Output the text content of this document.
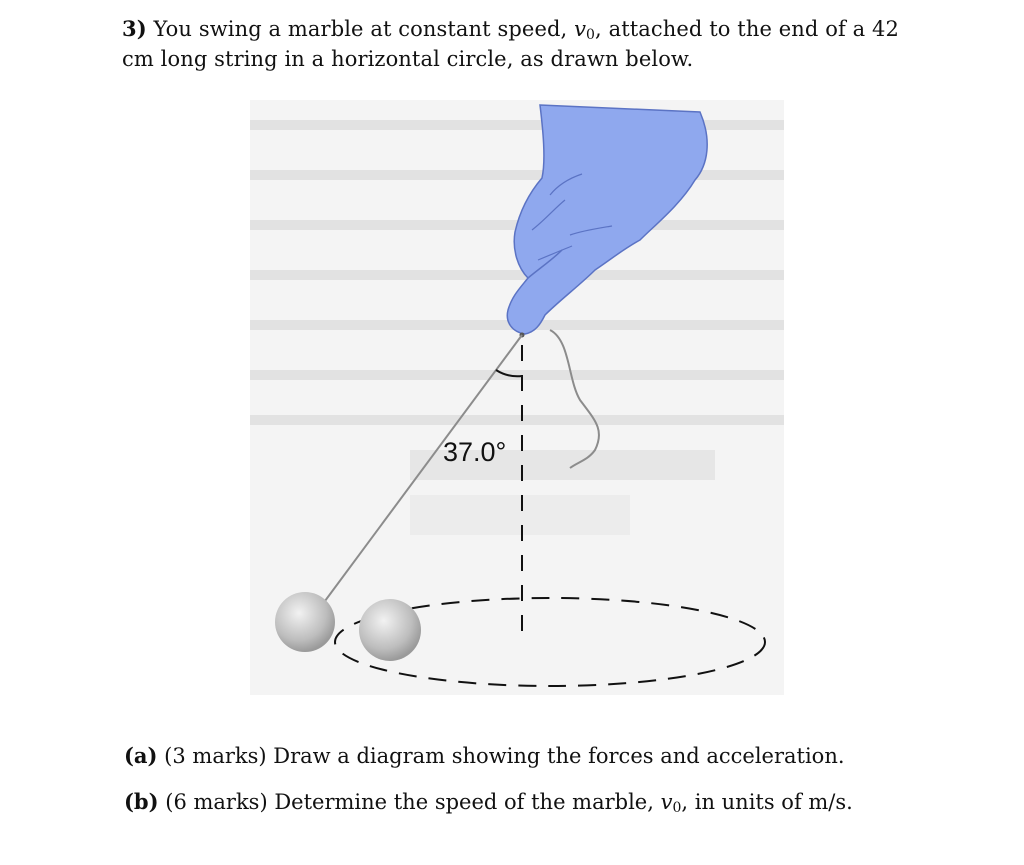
3) You swing a marble at constant speed, $v_0$, attached to the end of a 42
cm long string in a horizontal circle, as drawn below.
37.0°
(a) (3 marks) Draw a diagram showing the forces and acceleration.
(b) (6 marks) Determine the speed of the marble, $v_0$, in units of m/s.
